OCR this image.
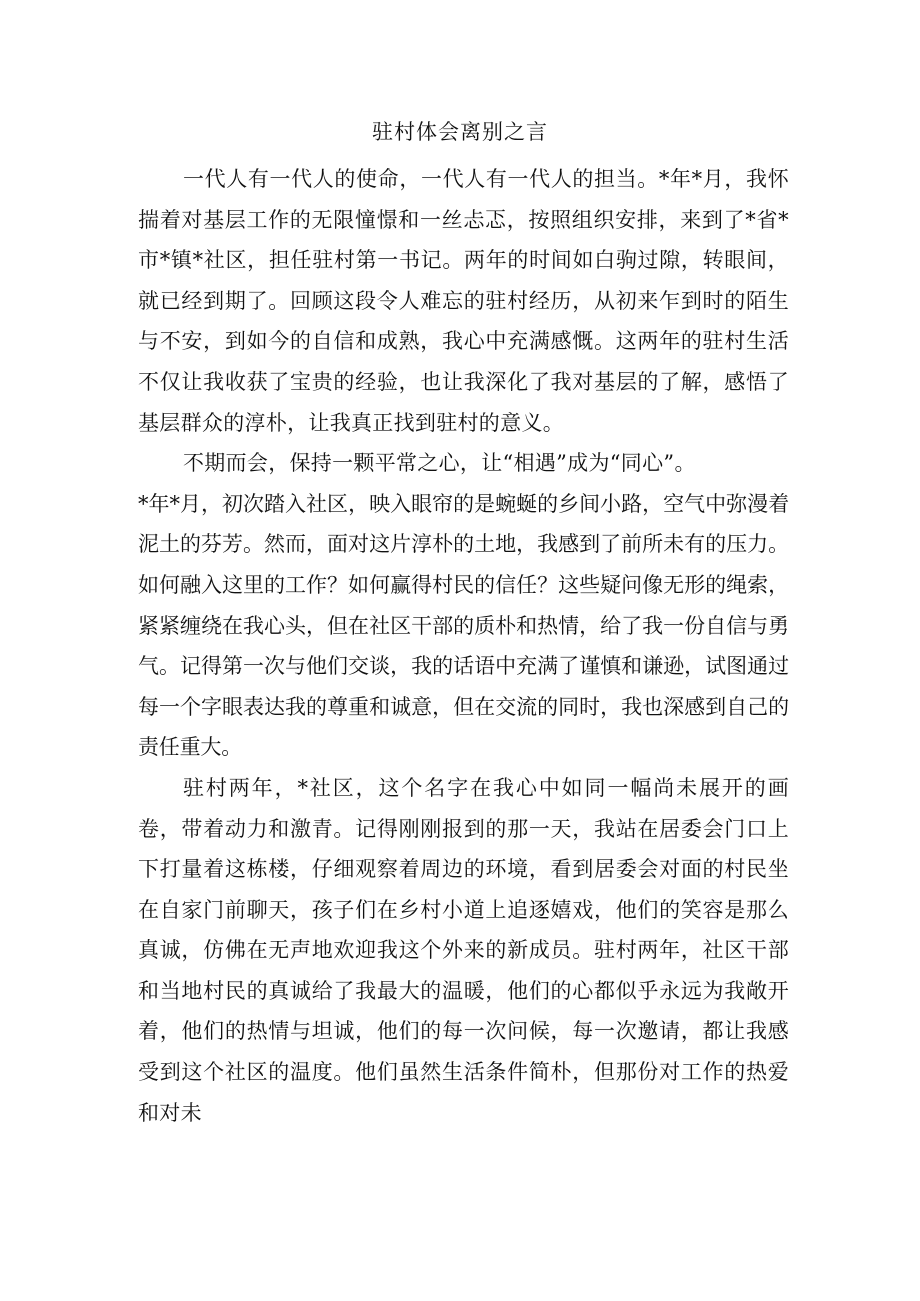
驻村体会离别之言

一代人有一代人的使命，一代人有一代人的担当。*年*月，我怀揣着对基层工作的无限憧憬和一丝忐忑，按照组织安排，来到了*省*市*镇*社区，担任驻村第一书记。两年的时间如白驹过隙，转眼间，就已经到期了。回顾这段令人难忘的驻村经历，从初来乍到时的陌生与不安，到如今的自信和成熟，我心中充满感慨。这两年的驻村生活不仅让我收获了宝贵的经验，也让我深化了我对基层的了解，感悟了基层群众的淳朴，让我真正找到驻村的意义。

不期而会，保持一颗平常之心，让“相遇”成为“同心”。

*年*月，初次踏入社区，映入眼帘的是蜿蜒的乡间小路，空气中弥漫着泥土的芬芳。然而，面对这片淳朴的土地，我感到了前所未有的压力。如何融入这里的工作？如何赢得村民的信任？这些疑问像无形的绳索，紧紧缠绕在我心头，但在社区干部的质朴和热情，给了我一份自信与勇气。记得第一次与他们交谈，我的话语中充满了谨慎和谦逊，试图通过每一个字眼表达我的尊重和诚意，但在交流的同时，我也深感到自己的责任重大。

驻村两年，*社区，这个名字在我心中如同一幅尚未展开的画卷，带着动力和激青。记得刚刚报到的那一天，我站在居委会门口上下打量着这栋楼，仔细观察着周边的环境，看到居委会对面的村民坐在自家门前聊天，孩子们在乡村小道上追逐嬉戏，他们的笑容是那么真诚，仿佛在无声地欢迎我这个外来的新成员。驻村两年，社区干部和当地村民的真诚给了我最大的温暖，他们的心都似乎永远为我敞开着，他们的热情与坦诚，他们的每一次问候，每一次邀请，都让我感受到这个社区的温度。他们虽然生活条件简朴，但那份对工作的热爱和对未
